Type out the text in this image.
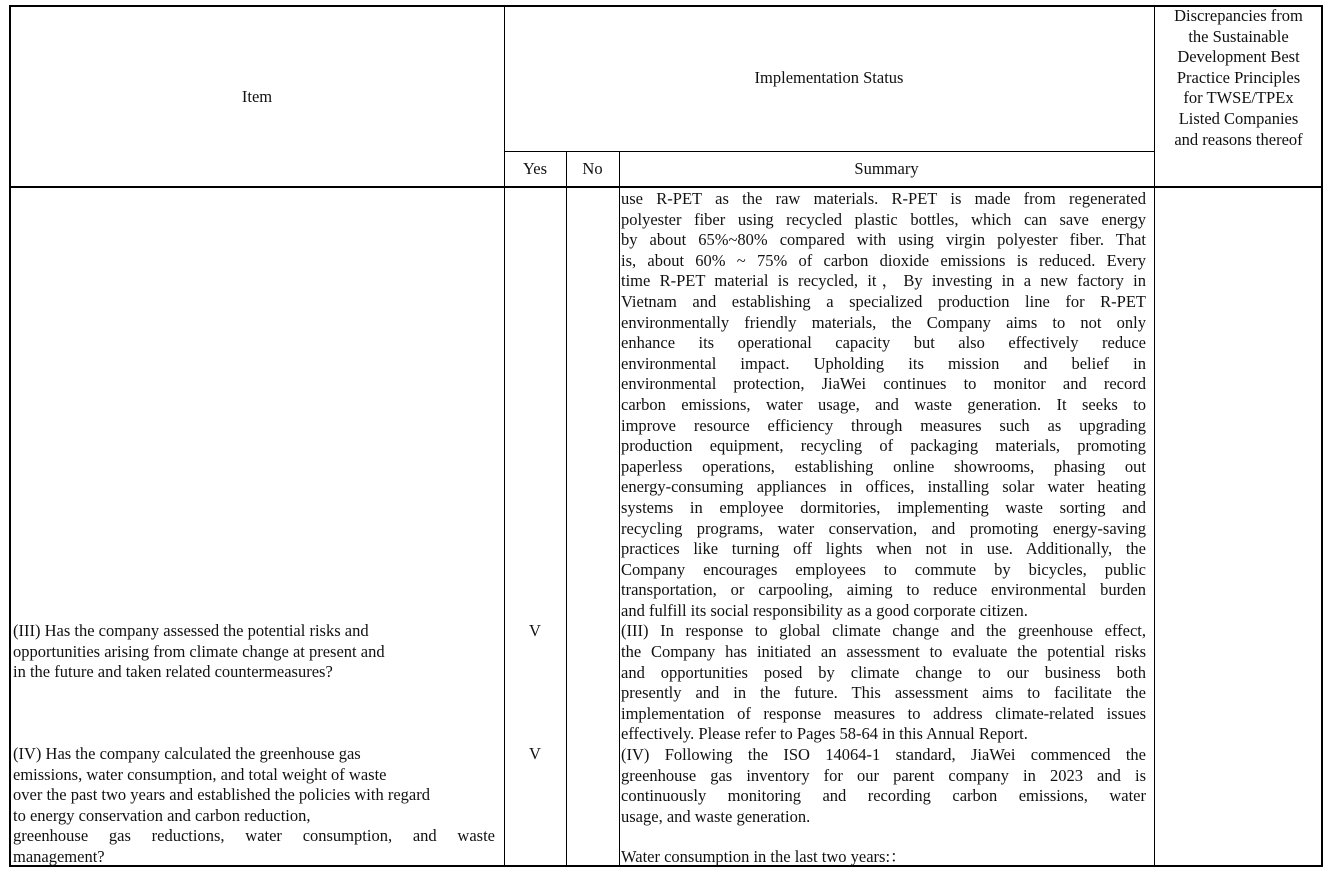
Item
Implementation Status
Yes	No	Summary
Discrepancies from
the Sustainable
Development Best
Practice Principles
for TWSE/TPEx
Listed Companies
and reasons thereof
(III) Has the company assessed the potential risks and
opportunities arising from climate change at present and
in the future and taken related countermeasures?
(IV) Has the company calculated the greenhouse gas
emissions, water consumption, and total weight of waste
over the past two years and established the policies with regard
to energy conservation and carbon reduction,
greenhouse gas reductions, water consumption, and waste
management?
V
V
use R-PET as the raw materials. R-PET is made from regenerated
polyester fiber using recycled plastic bottles, which can save energy
by about 65%~80% compared with using virgin polyester fiber. That
is, about 60% ~ 75% of carbon dioxide emissions is reduced. Every
time R-PET material is recycled, it，By investing in a new factory in
Vietnam and establishing a specialized production line for R-PET
environmentally friendly materials, the Company aims to not only
enhance its operational capacity but also effectively reduce
environmental impact. Upholding its mission and belief in
environmental protection, JiaWei continues to monitor and record
carbon emissions, water usage, and waste generation. It seeks to
improve resource efficiency through measures such as upgrading
production equipment, recycling of packaging materials, promoting
paperless operations, establishing online showrooms, phasing out
energy-consuming appliances in offices, installing solar water heating
systems in employee dormitories, implementing waste sorting and
recycling programs, water conservation, and promoting energy-saving
practices like turning off lights when not in use. Additionally, the
Company encourages employees to commute by bicycles, public
transportation, or carpooling, aiming to reduce environmental burden
and fulfill its social responsibility as a good corporate citizen.
(III) In response to global climate change and the greenhouse effect,
the Company has initiated an assessment to evaluate the potential risks
and opportunities posed by climate change to our business both
presently and in the future. This assessment aims to facilitate the
implementation of response measures to address climate-related issues
effectively. Please refer to Pages 58-64 in this Annual Report.
(IV) Following the ISO 14064-1 standard, JiaWei commenced the
greenhouse gas inventory for our parent company in 2023 and is
continuously monitoring and recording carbon emissions, water
usage, and waste generation.
Water consumption in the last two years:：
